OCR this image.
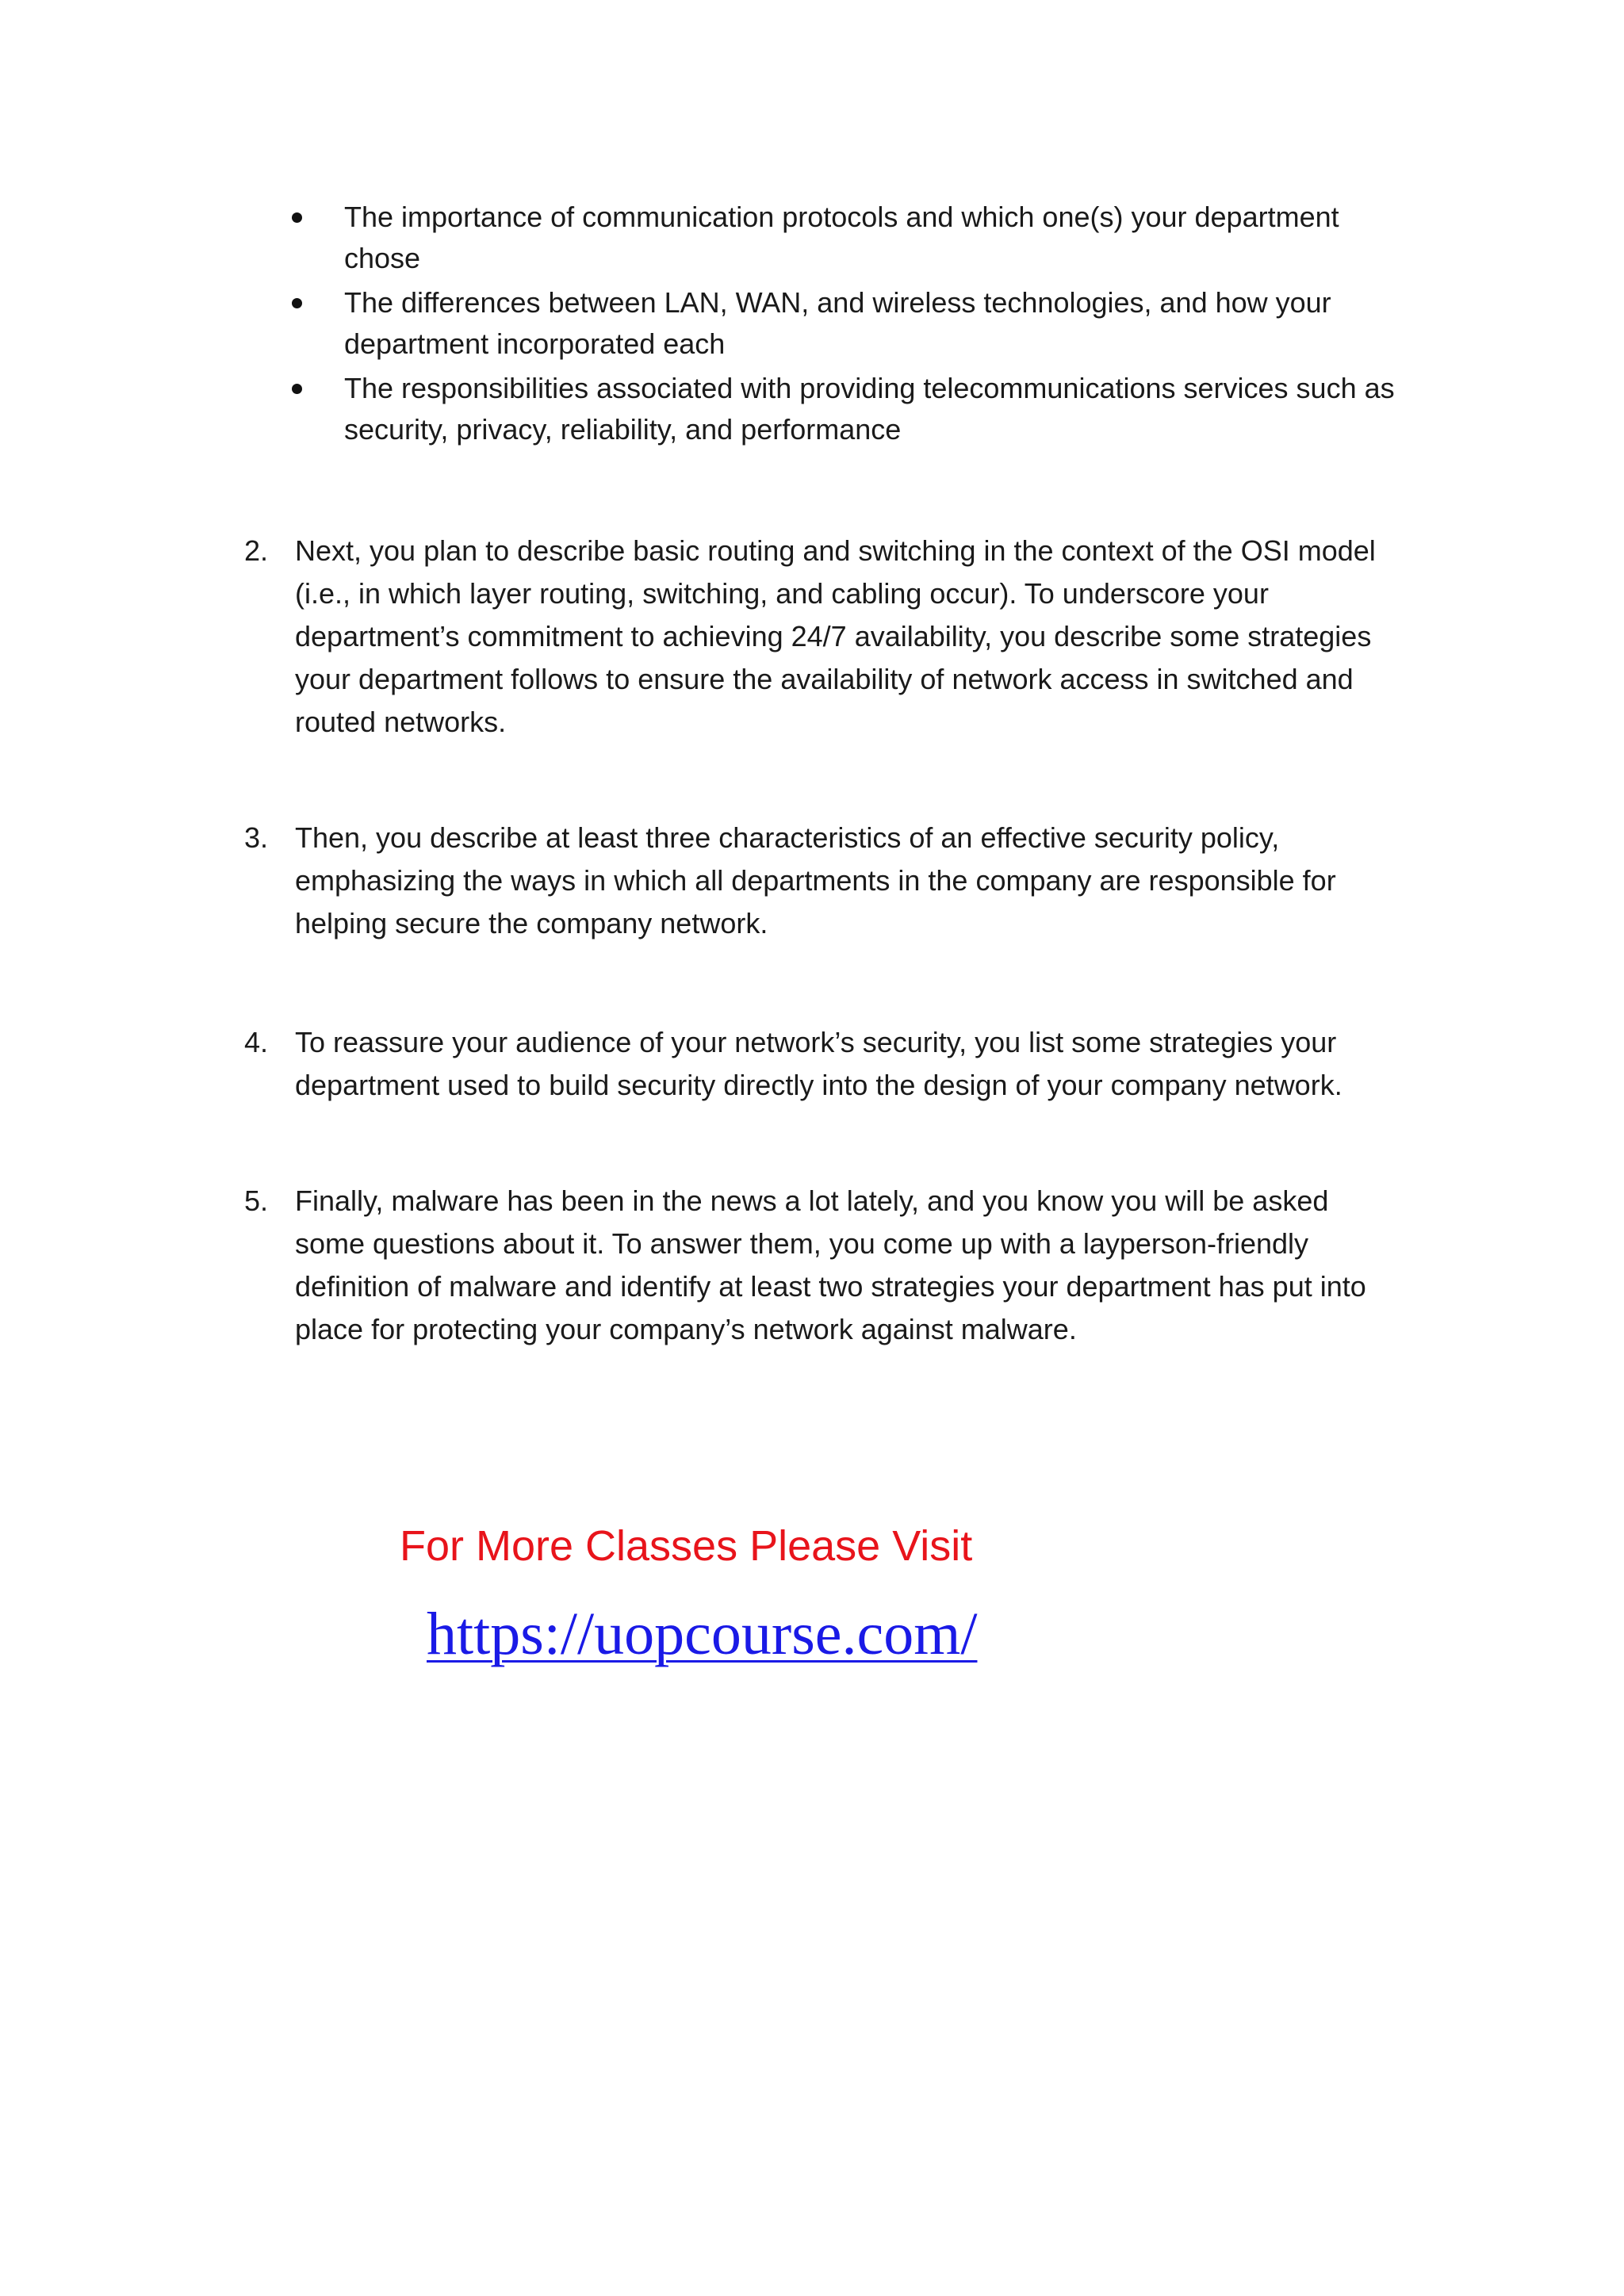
The importance of communication protocols and which one(s) your department chose
The differences between LAN, WAN, and wireless technologies, and how your department incorporated each
The responsibilities associated with providing telecommunications services such as security, privacy, reliability, and performance
2. Next, you plan to describe basic routing and switching in the context of the OSI model (i.e., in which layer routing, switching, and cabling occur). To underscore your department’s commitment to achieving 24/7 availability, you describe some strategies your department follows to ensure the availability of network access in switched and routed networks.
3. Then, you describe at least three characteristics of an effective security policy, emphasizing the ways in which all departments in the company are responsible for helping secure the company network.
4. To reassure your audience of your network’s security, you list some strategies your department used to build security directly into the design of your company network.
5. Finally, malware has been in the news a lot lately, and you know you will be asked some questions about it. To answer them, you come up with a layperson-friendly definition of malware and identify at least two strategies your department has put into place for protecting your company’s network against malware.
For More Classes Please Visit
https://uopcourse.com/
